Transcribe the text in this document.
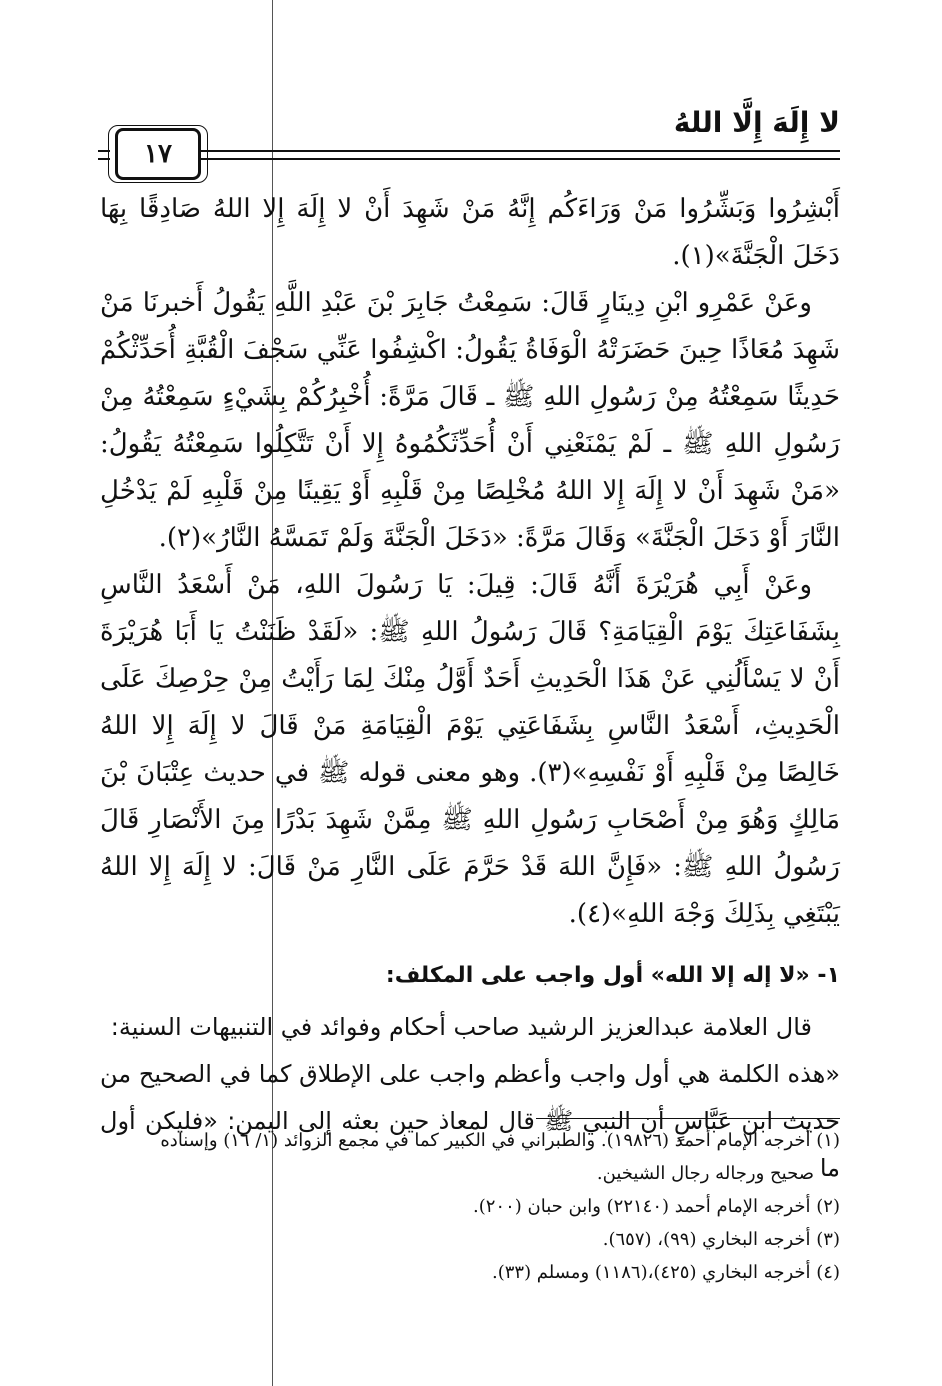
لا إِلَهَ إِلَّا اللهُ
١٧

أَبْشِرُوا وَبَشِّرُوا مَنْ وَرَاءَكُم إِنَّهُ مَنْ شَهِدَ أَنْ لا إِلَهَ إِلا اللهُ صَادِقًا بِهَا دَخَلَ الْجَنَّةَ»(١).

وعَنْ عَمْرِو ابْنِ دِينَارٍ قَالَ: سَمِعْتُ جَابِرَ بْنَ عَبْدِ اللَّهِ يَقُولُ أَخبرنَا مَنْ شَهِدَ مُعَاذًا حِينَ حَضَرَتْهُ الْوَفَاةُ يَقُولُ: اكْشِفُوا عَنِّي سَجْفَ الْقُبَّةِ أُحَدِّثْكُمْ حَدِيثًا سَمِعْتُهُ مِنْ رَسُولِ اللهِ ﷺ ـ قَالَ مَرَّةً: أُخْبِرُكُمْ بِشَيْءٍ سَمِعْتُهُ مِنْ رَسُولِ اللهِ ﷺ ـ لَمْ يَمْنَعْنِي أَنْ أُحَدِّثَكُمُوهُ إِلا أَنْ تَتَّكِلُوا سَمِعْتُهُ يَقُولُ: «مَنْ شَهِدَ أَنْ لا إِلَهَ إِلا اللهُ مُخْلِصًا مِنْ قَلْبِهِ أَوْ يَقِينًا مِنْ قَلْبِهِ لَمْ يَدْخُلِ النَّارَ أَوْ دَخَلَ الْجَنَّةَ» وَقَالَ مَرَّةً: «دَخَلَ الْجَنَّةَ وَلَمْ تَمَسَّهُ النَّارُ»(٢).

وعَنْ أَبِي هُرَيْرَةَ أَنَّهُ قَالَ: قِيلَ: يَا رَسُولَ اللهِ، مَنْ أَسْعَدُ النَّاسِ بِشَفَاعَتِكَ يَوْمَ الْقِيَامَةِ؟ قَالَ رَسُولُ اللهِ ﷺ: «لَقَدْ ظَنَنْتُ يَا أَبَا هُرَيْرَةَ أَنْ لا يَسْأَلُنِي عَنْ هَذَا الْحَدِيثِ أَحَدٌ أَوَّلُ مِنْكَ لِمَا رَأَيْتُ مِنْ حِرْصِكَ عَلَى الْحَدِيثِ، أَسْعَدُ النَّاسِ بِشَفَاعَتِي يَوْمَ الْقِيَامَةِ مَنْ قَالَ لا إِلَهَ إِلا اللهُ خَالِصًا مِنْ قَلْبِهِ أَوْ نَفْسِهِ»(٣). وهو معنى قوله ﷺ في حديث عِتْبَانَ بْنَ مَالِكٍ وَهُوَ مِنْ أَصْحَابِ رَسُولِ اللهِ ﷺ مِمَّنْ شَهِدَ بَدْرًا مِنَ الأَنْصَارِ قَالَ رَسُولُ اللهِ ﷺ: «فَإِنَّ اللهَ قَدْ حَرَّمَ عَلَى النَّارِ مَنْ قَالَ: لا إِلَهَ إِلا اللهُ يَبْتَغِي بِذَلِكَ وَجْهَ اللهِ»(٤).

١- «لا إله إلا الله» أول واجب على المكلف:

قال العلامة عبدالعزيز الرشيد صاحب أحكام وفوائد في التنبيهات السنية:

«هذه الكلمة هي أول واجب وأعظم واجب على الإطلاق كما في الصحيح من حديث ابن عَبَّاسٍ أن النبي ﷺ قال لمعاذ حين بعثه إلى اليمن: «فليكن أول ما

(١) أخرجه الإمام أحمد (١٩٨٢٦). والطبراني في الكبير كما في مجمع الزوائد (١/ ١٦) وإسناده

صحيح ورجاله رجال الشيخين.

(٢) أخرجه الإمام أحمد (٢٢١٤٠) وابن حبان (٢٠٠).

(٣) أخرجه البخاري (٩٩)، (٦٥٧).

(٤) أخرجه البخاري (٤٢٥)،(١١٨٦) ومسلم (٣٣).
